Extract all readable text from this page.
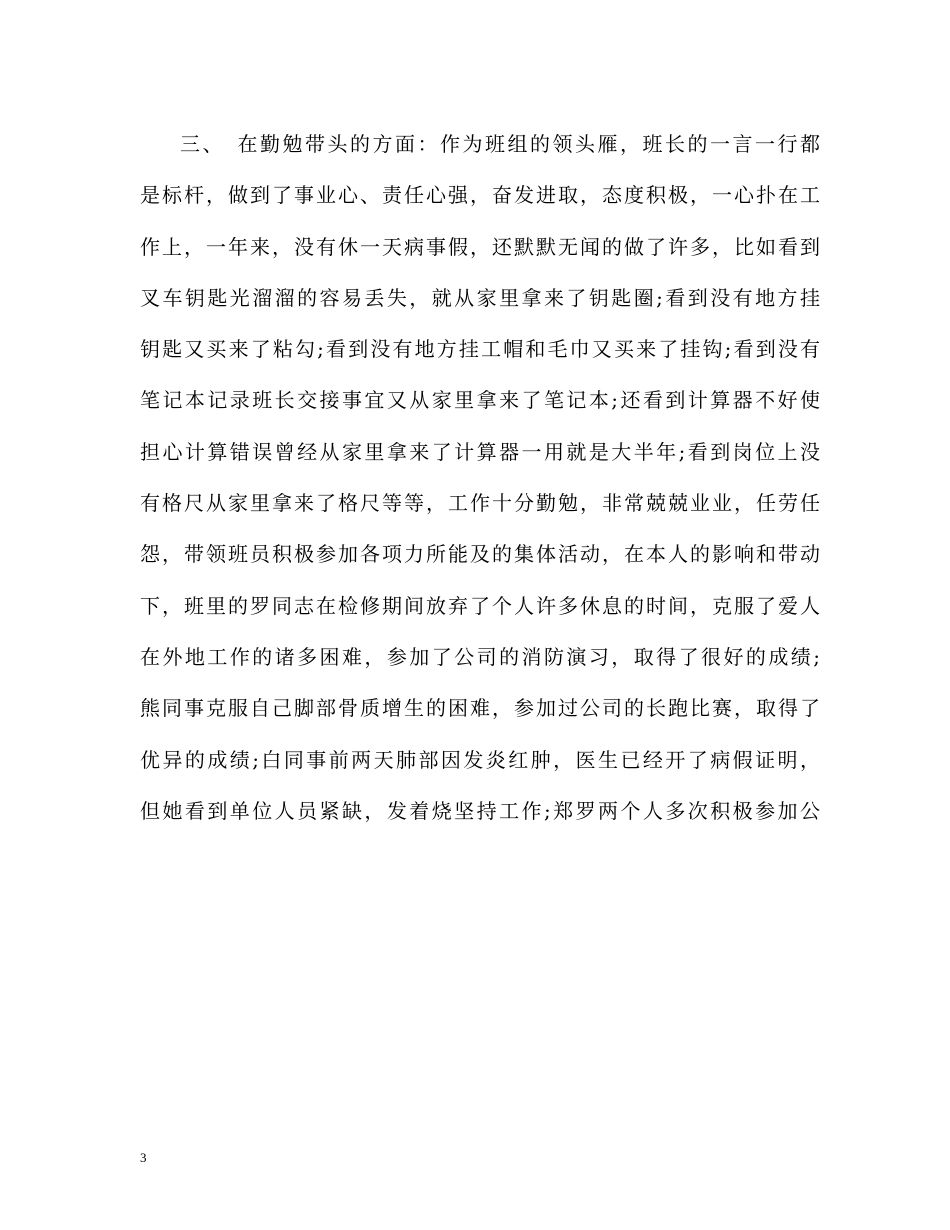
三、　在勤勉带头的方面：作为班组的领头雁，班长的一言一行都
是标杆，做到了事业心、责任心强，奋发进取，态度积极，一心扑在工
作上，一年来，没有休一天病事假，还默默无闻的做了许多，比如看到
叉车钥匙光溜溜的容易丢失，就从家里拿来了钥匙圈;看到没有地方挂
钥匙又买来了粘勾;看到没有地方挂工帽和毛巾又买来了挂钩;看到没有
笔记本记录班长交接事宜又从家里拿来了笔记本;还看到计算器不好使
担心计算错误曾经从家里拿来了计算器一用就是大半年;看到岗位上没
有格尺从家里拿来了格尺等等，工作十分勤勉，非常兢兢业业，任劳任
怨，带领班员积极参加各项力所能及的集体活动，在本人的影响和带动
下，班里的罗同志在检修期间放弃了个人许多休息的时间，克服了爱人
在外地工作的诸多困难，参加了公司的消防演习，取得了很好的成绩;
熊同事克服自己脚部骨质增生的困难，参加过公司的长跑比赛，取得了
优异的成绩;白同事前两天肺部因发炎红肿，医生已经开了病假证明，
但她看到单位人员紧缺，发着烧坚持工作;郑罗两个人多次积极参加公
3
